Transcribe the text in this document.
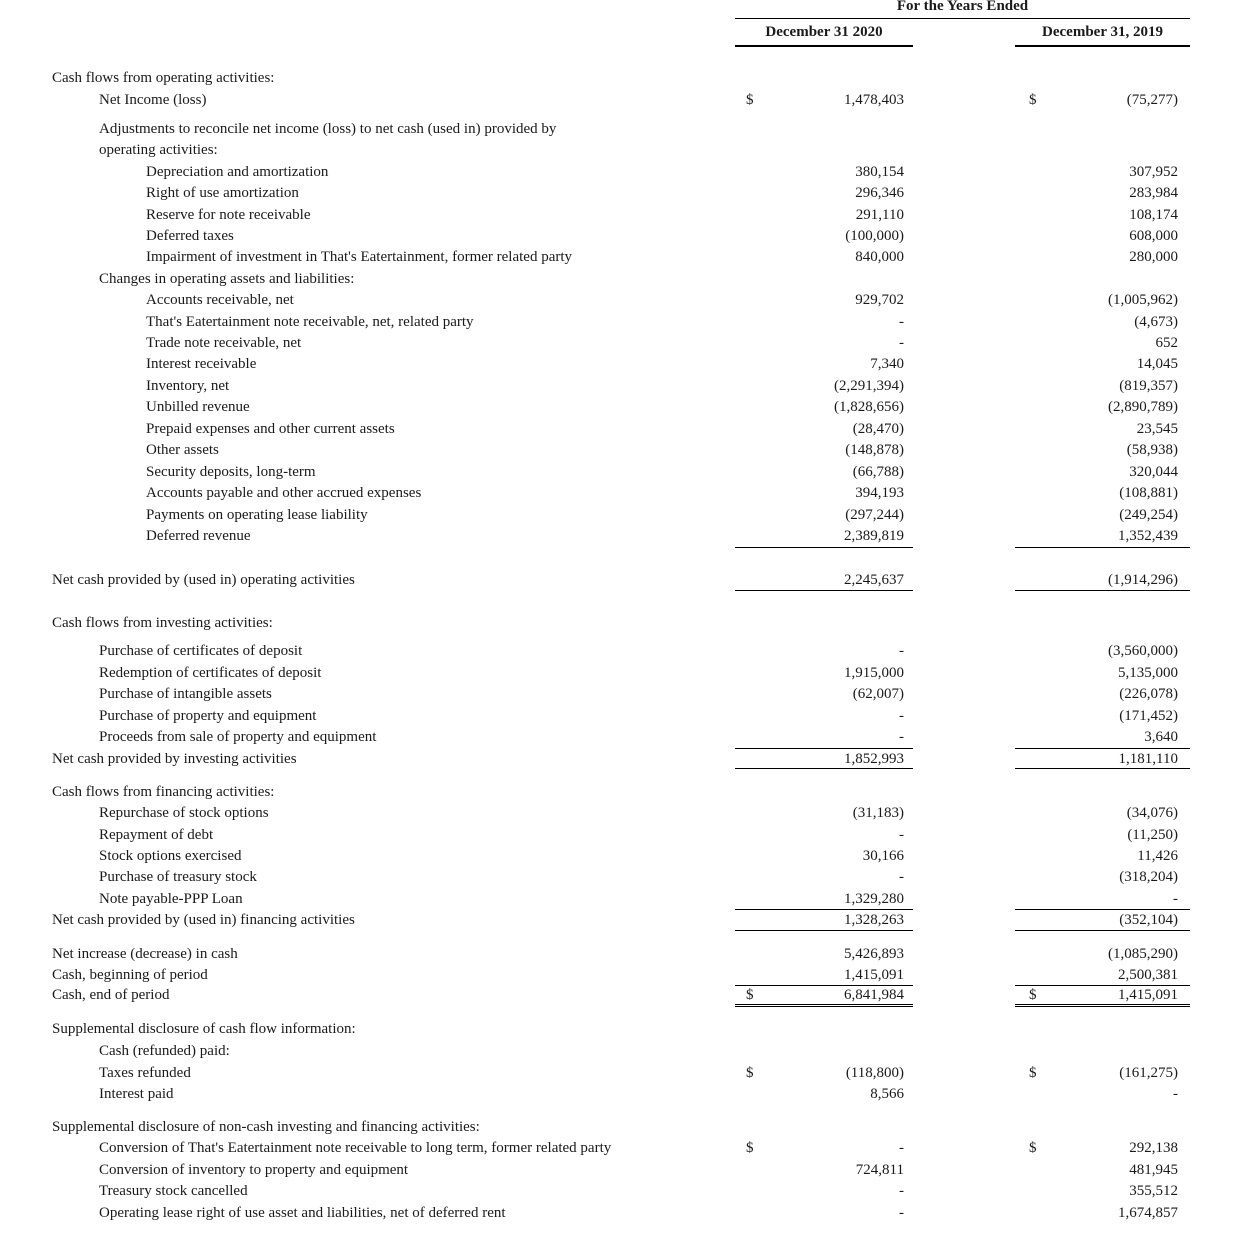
For the Years Ended
December 31 2020	December 31, 2019
Cash flows from operating activities:
Net Income (loss)	$	1,478,403	$	(75,277)
Adjustments to reconcile net income (loss) to net cash (used in) provided by
operating activities:
Depreciation and amortization	380,154	307,952
Right of use amortization	296,346	283,984
Reserve for note receivable	291,110	108,174
Deferred taxes	(100,000)	608,000
Impairment of investment in That's Eatertainment, former related party	840,000	280,000
Changes in operating assets and liabilities:
Accounts receivable, net	929,702	(1,005,962)
That's Eatertainment note receivable, net, related party	-	(4,673)
Trade note receivable, net	-	652
Interest receivable	7,340	14,045
Inventory, net	(2,291,394)	(819,357)
Unbilled revenue	(1,828,656)	(2,890,789)
Prepaid expenses and other current assets	(28,470)	23,545
Other assets	(148,878)	(58,938)
Security deposits, long-term	(66,788)	320,044
Accounts payable and other accrued expenses	394,193	(108,881)
Payments on operating lease liability	(297,244)	(249,254)
Deferred revenue	2,389,819	1,352,439
Net cash provided by (used in) operating activities	2,245,637	(1,914,296)
Cash flows from investing activities:
Purchase of certificates of deposit	-	(3,560,000)
Redemption of certificates of deposit	1,915,000	5,135,000
Purchase of intangible assets	(62,007)	(226,078)
Purchase of property and equipment	-	(171,452)
Proceeds from sale of property and equipment	-	3,640
Net cash provided by investing activities	1,852,993	1,181,110
Cash flows from financing activities:
Repurchase of stock options	(31,183)	(34,076)
Repayment of debt	-	(11,250)
Stock options exercised	30,166	11,426
Purchase of treasury stock	-	(318,204)
Note payable-PPP Loan	1,329,280	-
Net cash provided by (used in) financing activities	1,328,263	(352,104)
Net increase (decrease) in cash	5,426,893	(1,085,290)
Cash, beginning of period	1,415,091	2,500,381
Cash, end of period	$	6,841,984	$	1,415,091
Supplemental disclosure of cash flow information:
Cash (refunded) paid:
Taxes refunded	$	(118,800)	$	(161,275)
Interest paid	8,566	-
Supplemental disclosure of non-cash investing and financing activities:
Conversion of That's Eatertainment note receivable to long term, former related party	$	-	$	292,138
Conversion of inventory to property and equipment	724,811	481,945
Treasury stock cancelled	-	355,512
Operating lease right of use asset and liabilities, net of deferred rent	-	1,674,857
